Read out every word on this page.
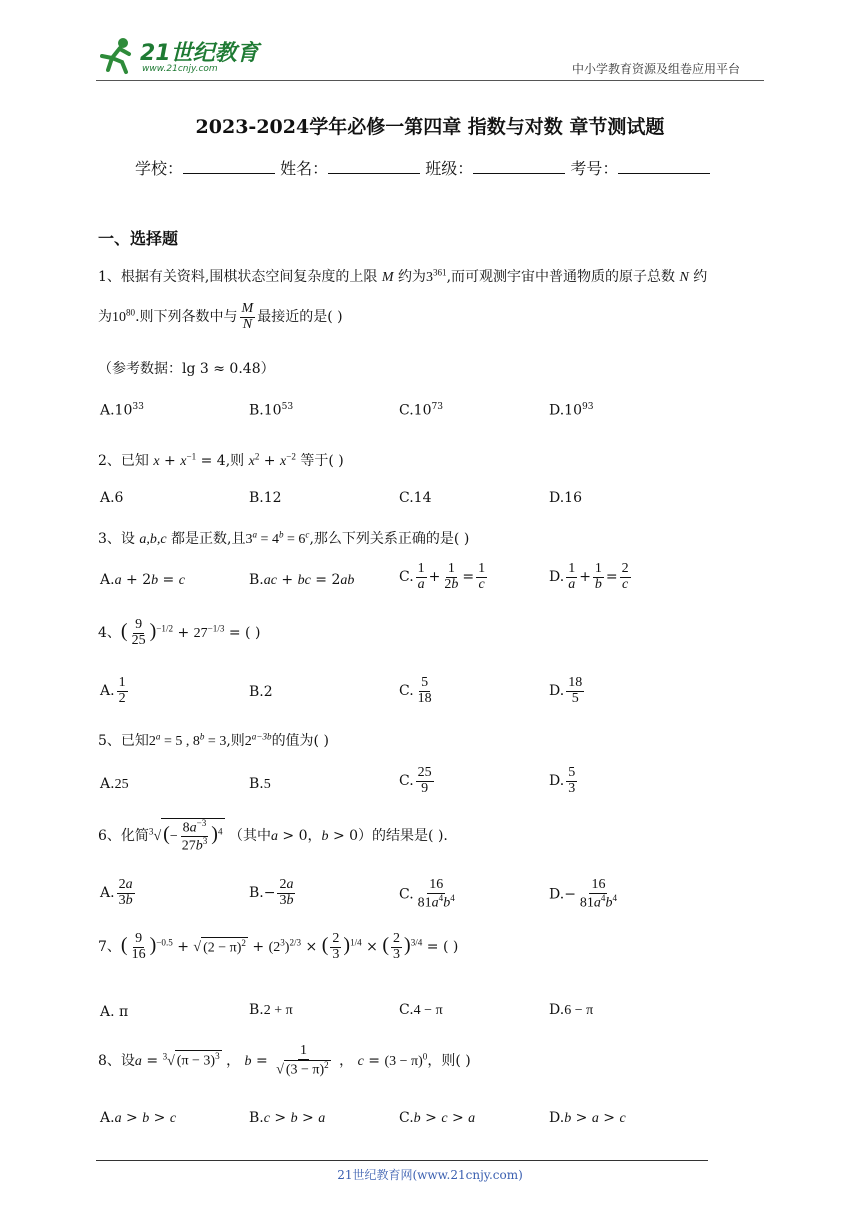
21世纪教育
www.21cnjy.com	中小学教育资源及组卷应用平台
2023-2024学年必修一第四章 指数与对数 章节测试题
学校：	姓名：	班级：	考号：
一、选择题
1、根据有关资料,围棋状态空间复杂度的上限 M 约为$3^{361}$,而可观测宇宙中普通物质的原子总数 N 约
为$10^{80}$.则下列各数中与 $\frac{M}{N}$ 最接近的是( )
（参考数据：lg 3 ≈ 0.48）
$A.10^{33}$	$B.10^{53}$	$C.10^{73}$	$D.10^{93}$
2、已知 $x + x^{-1} = 4$,则 $x^2 + x^{-2}$ 等于( )
A.6	B.12	C.14	D.16
3、设 a,b,c 都是正数,且$3^a = 4^b = 6^c$,那么下列关系正确的是( )
A.a + 2b = c	B.ac + bc = 2ab	C. $\frac{1}{a} + \frac{1}{2b} = \frac{1}{c}$	D. $\frac{1}{a} + \frac{1}{b} = \frac{2}{c}$
4、( $\frac{9}{25} )^{-1/2} + 27^{-1/3}$ = ( )
A. $\frac{1}{2}$	B.2	C. $\frac{5}{18}$	D. $\frac{18}{5}$
5、已知$2^a = 5$ , $8^b = 3$,则$2^{a-3b}$的值为( )
A.25	B.5	C. $\frac{25}{9}$	D. $\frac{5}{3}$
6、化简$^3$√ (− $\frac{8a^{-3}}{27b^3} )^4$ （其中a > 0，b > 0）的结果是( ).
A. $\frac{2a}{3b}$	$B.- \frac{2a}{3b}$	C. $\frac{16}{81a^4b^4}$	$D.- \frac{16}{81a^4b^4}$
7、( $\frac{9}{16} )^{-0.5}$ + √ $(2 - \pi)^2 + (2^3)^{2/3}$ × ( $\frac{2}{3} )^{1/4}$ × ( $\frac{2}{3} )^{3/4}$ = ( )
A. π	B.2 + π	C.4 − π	D.6 − π
8、设a = $^3$√ $(\pi - 3)^3$ ， $b = \frac{1}{√ (3 - \pi)^2}$ ， $c = (3 - \pi)^0$，则( )
A.a > b > c	B.c > b > a	C.b > c > a	D.b > a > c
21世纪教育网(www.21cnjy.com)
